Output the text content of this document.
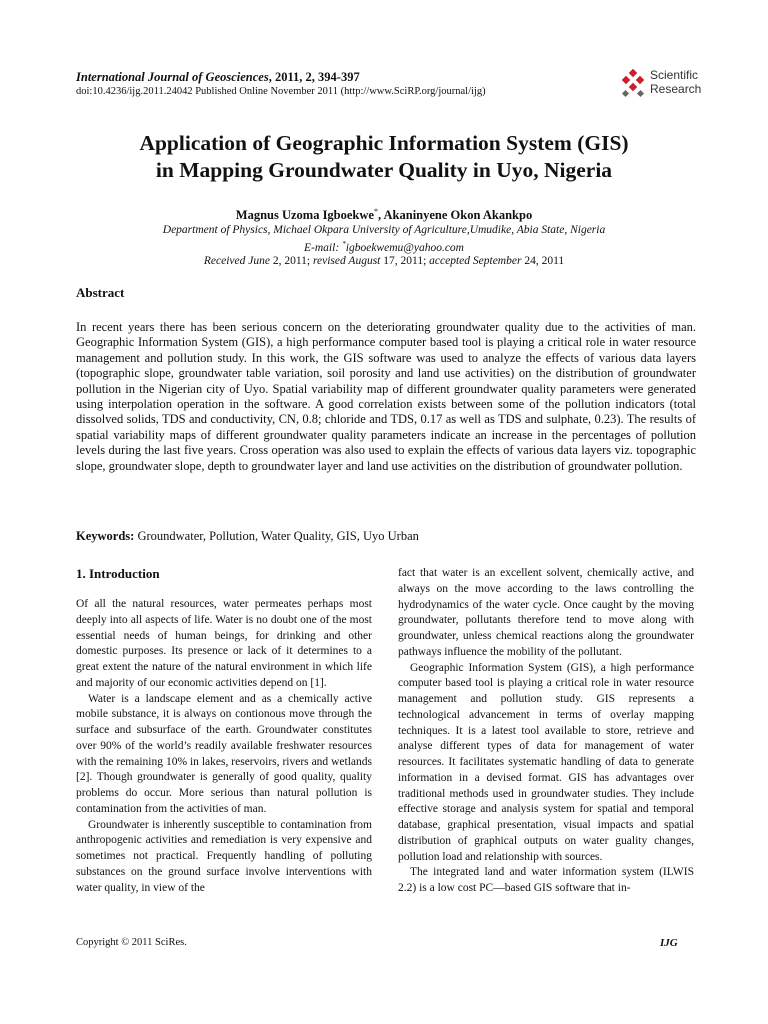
International Journal of Geosciences, 2011, 2, 394-397
doi:10.4236/ijg.2011.24042 Published Online November 2011 (http://www.SciRP.org/journal/ijg)
Scientific
Research
Application of Geographic Information System (GIS)
in Mapping Groundwater Quality in Uyo, Nigeria
Magnus Uzoma Igboekwe*, Akaninyene Okon Akankpo
Department of Physics, Michael Okpara University of Agriculture,Umudike, Abia State, Nigeria
E-mail: *igboekwemu@yahoo.com
Received June 2, 2011; revised August 17, 2011; accepted September 24, 2011
Abstract
In recent years there has been serious concern on the deteriorating groundwater quality due to the activities of man. Geographic Information System (GIS), a high performance computer based tool is playing a critical role in water resource management and pollution study. In this work, the GIS software was used to analyze the effects of various data layers (topographic slope, groundwater table variation, soil porosity and land use activities) on the distribution of groundwater pollution in the Nigerian city of Uyo. Spatial variability map of different groundwater quality parameters were generated using interpolation operation in the software. A good correlation exists between some of the pollution indicators (total dissolved solids, TDS and conductivity, CN, 0.8; chloride and TDS, 0.17 as well as TDS and sulphate, 0.23). The results of spatial variability maps of different groundwater quality parameters indicate an increase in the percentages of pollution levels during the last five years. Cross operation was also used to explain the effects of various data layers viz. topographic slope, groundwater slope, depth to groundwater layer and land use activities on the distribution of groundwater pollution.
Keywords: Groundwater, Pollution, Water Quality, GIS, Uyo Urban
1. Introduction

Of all the natural resources, water permeates perhaps most deeply into all aspects of life. Water is no doubt one of the most essential needs of human beings, for drinking and other domestic purposes. Its presence or lack of it determines to a great extent the nature of the natural environment in which life and majority of our economic activities depend on [1].

Water is a landscape element and as a chemically active mobile substance, it is always on contionous move through the surface and subsurface of the earth. Groundwater constitutes over 90% of the world’s readily available freshwater resources with the remaining 10% in lakes, reservoirs, rivers and wetlands [2]. Though groundwater is generally of good quality, quality problems do occur. More serious than natural pollution is contamination from the activities of man.

Groundwater is inherently susceptible to contamination from anthropogenic activities and remediation is very expensive and sometimes not practical. Frequently handling of polluting substances on the ground surface involve interventions with water quality, in view of the

fact that water is an excellent solvent, chemically active, and always on the move according to the laws controlling the hydrodynamics of the water cycle. Once caught by the moving groundwater, pollutants therefore tend to move along with groundwater, unless chemical reactions along the groundwater pathways influence the mobility of the pollutant.

Geographic Information System (GIS), a high performance computer based tool is playing a critical role in water resource management and pollution study. GIS represents a technological advancement in terms of overlay mapping techniques. It is a latest tool available to store, retrieve and analyse different types of data for management of water resources. It facilitates systematic handling of data to generate information in a devised format. GIS has advantages over traditional methods used in groundwater studies. They include effective storage and analysis system for spatial and temporal database, graphical presentation, visual impacts and spatial distribution of graphical outputs on water guality changes, pollution load and relationship with sources.

The integrated land and water information system (ILWIS 2.2) is a low cost PC—based GIS software that in-

Copyright © 2011 SciRes.	IJG
